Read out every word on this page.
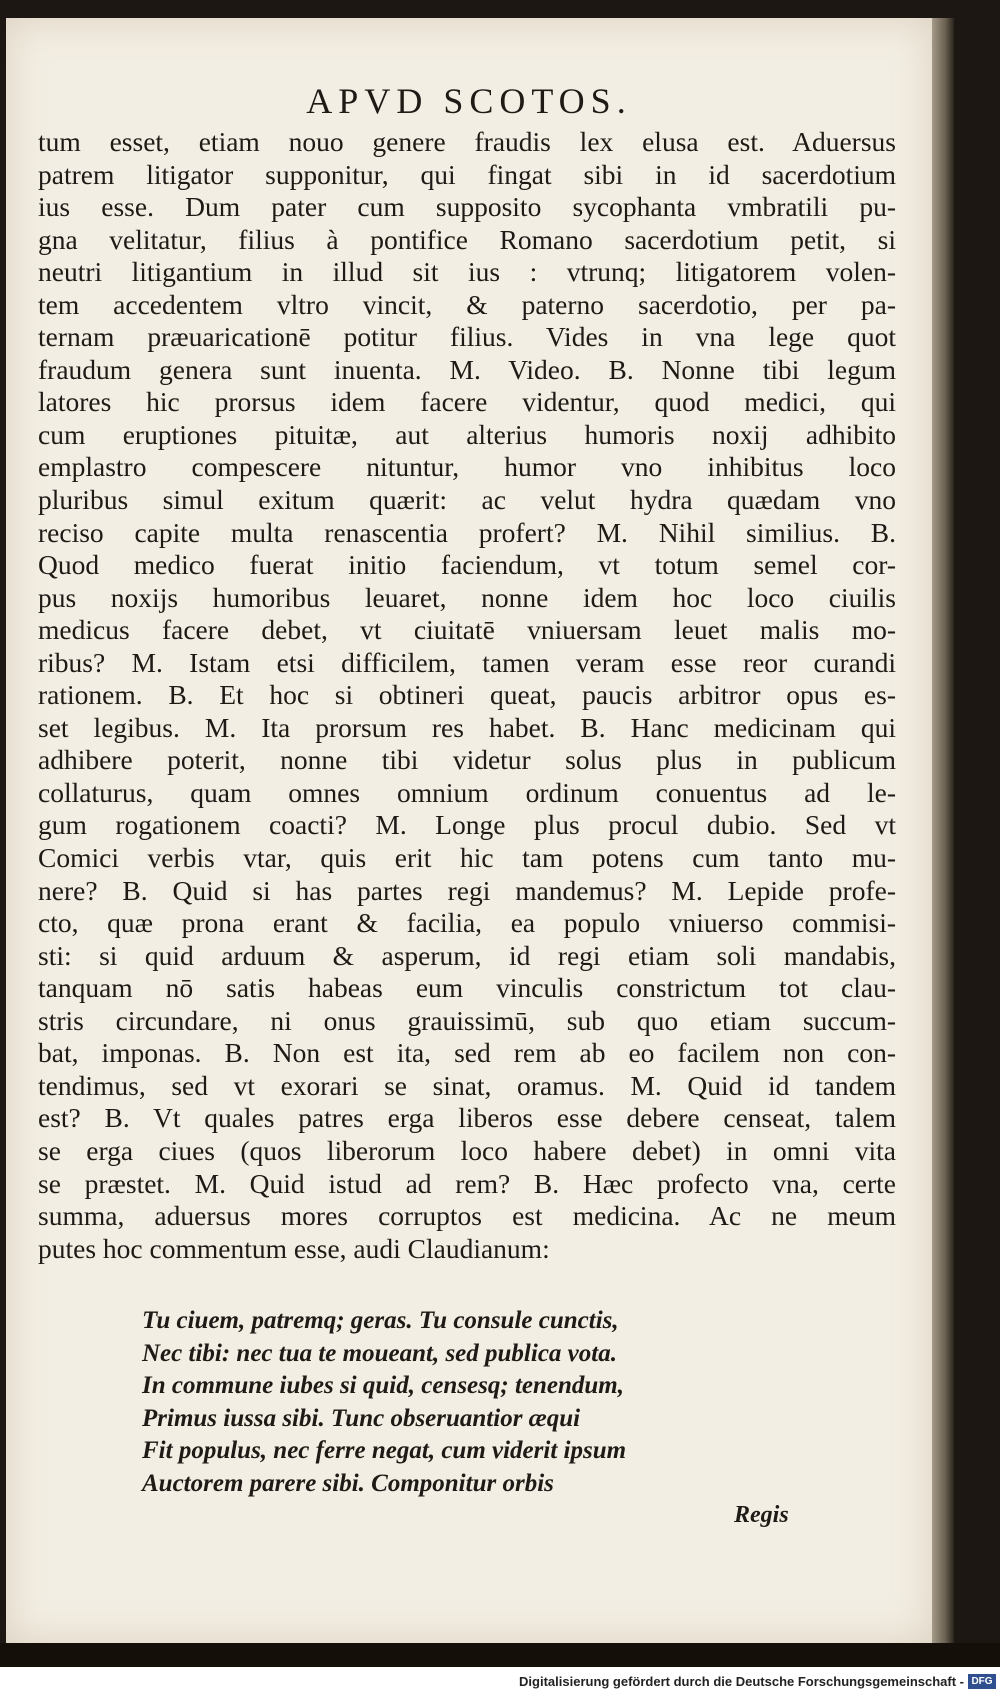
APVD SCOTOS.
tum esset, etiam nouo genere fraudis lex elusa est. Aduersus
patrem litigator supponitur, qui fingat sibi in id sacerdotium
ius esse. Dum pater cum supposito sycophanta vmbratili pu-
gna velitatur, filius à pontifice Romano sacerdotium petit, si
neutri litigantium in illud sit ius : vtrunq; litigatorem volen-
tem accedentem vltro vincit, & paterno sacerdotio, per pa-
ternam præuaricationē potitur filius. Vides in vna lege quot
fraudum genera sunt inuenta. M. Video. B. Nonne tibi legum
latores hic prorsus idem facere videntur, quod medici, qui
cum eruptiones pituitæ, aut alterius humoris noxij adhibito
emplastro compescere nituntur, humor vno inhibitus loco
pluribus simul exitum quærit: ac velut hydra quædam vno
reciso capite multa renascentia profert? M. Nihil similius. B.
Quod medico fuerat initio faciendum, vt totum semel cor-
pus noxijs humoribus leuaret, nonne idem hoc loco ciuilis
medicus facere debet, vt ciuitatē vniuersam leuet malis mo-
ribus? M. Istam etsi difficilem, tamen veram esse reor curandi
rationem. B. Et hoc si obtineri queat, paucis arbitror opus es-
set legibus. M. Ita prorsum res habet. B. Hanc medicinam qui
adhibere poterit, nonne tibi videtur solus plus in publicum
collaturus, quam omnes omnium ordinum conuentus ad le-
gum rogationem coacti? M. Longe plus procul dubio. Sed vt
Comici verbis vtar, quis erit hic tam potens cum tanto mu-
nere? B. Quid si has partes regi mandemus? M. Lepide profe-
cto, quæ prona erant & facilia, ea populo vniuerso commisi-
sti: si quid arduum & asperum, id regi etiam soli mandabis,
tanquam nō satis habeas eum vinculis constrictum tot clau-
stris circundare, ni onus grauissimū, sub quo etiam succum-
bat, imponas. B. Non est ita, sed rem ab eo facilem non con-
tendimus, sed vt exorari se sinat, oramus. M. Quid id tandem
est? B. Vt quales patres erga liberos esse debere censeat, talem
se erga ciues (quos liberorum loco habere debet) in omni vita
se præstet. M. Quid istud ad rem? B. Hæc profecto vna, certe
summa, aduersus mores corruptos est medicina. Ac ne meum
putes hoc commentum esse, audi Claudianum:
Tu ciuem, patremq; geras. Tu consule cunctis,
Nec tibi: nec tua te moueant, sed publica vota.
In commune iubes si quid, censesq; tenendum,
Primus iussa sibi. Tunc obseruantior æqui
Fit populus, nec ferre negat, cum viderit ipsum
Auctorem parere sibi. Componitur orbis
Regis
Digitalisierung gefördert durch die Deutsche Forschungsgemeinschaft - DFG
